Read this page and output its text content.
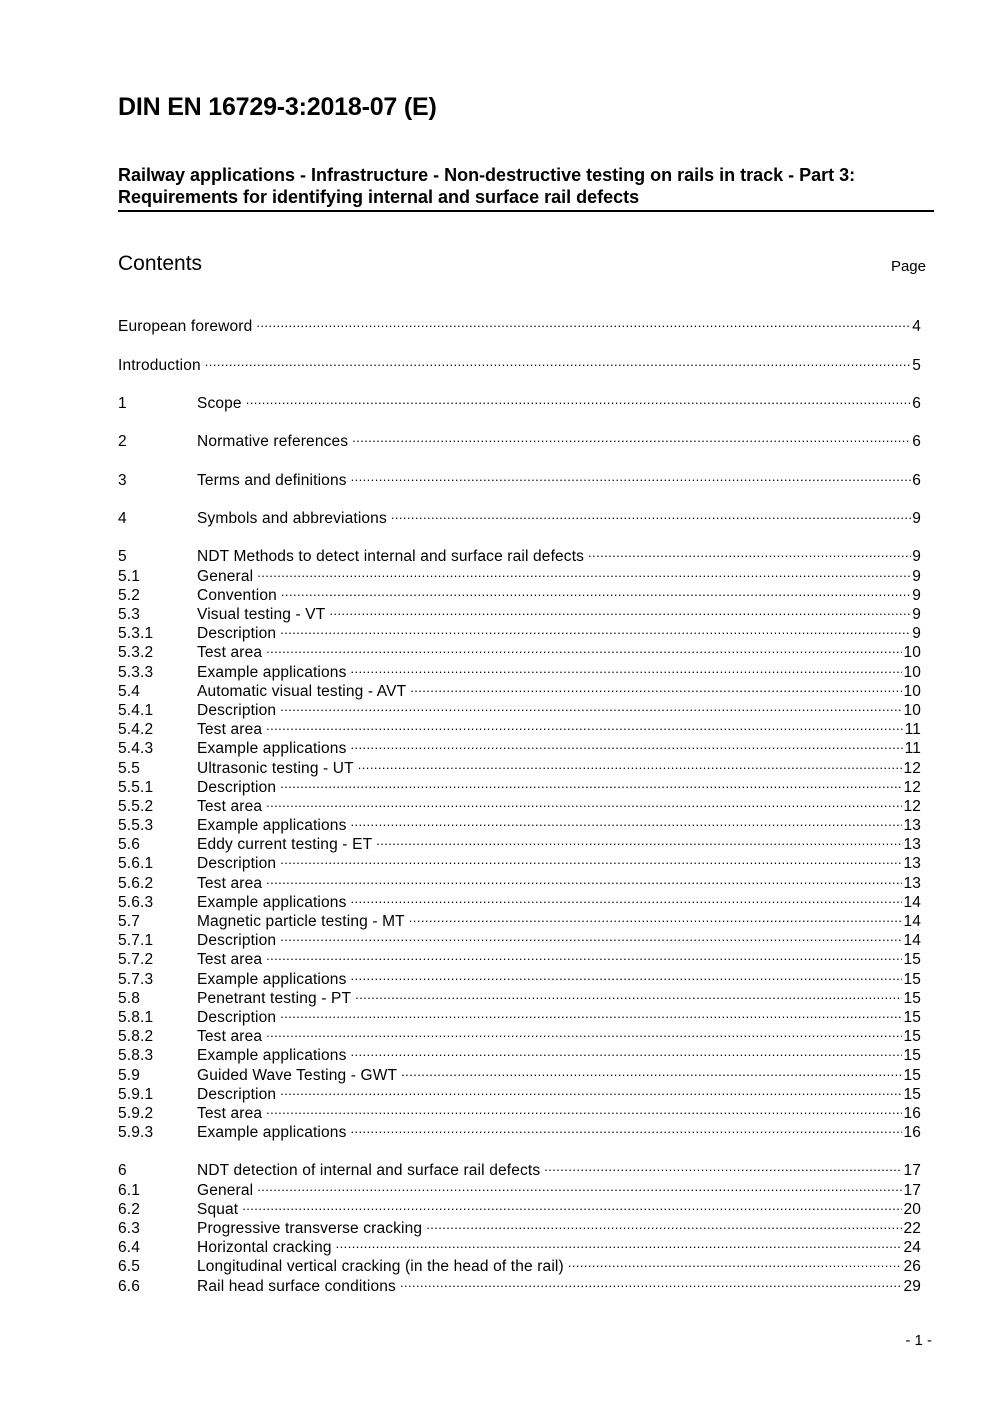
DIN EN 16729-3:2018-07 (E)
Railway applications - Infrastructure - Non-destructive testing on rails in track - Part 3: Requirements for identifying internal and surface rail defects
Contents	Page
European foreword .....	4
Introduction .....	5
1	Scope .....	6
2	Normative references .....	6
3	Terms and definitions .....	6
4	Symbols and abbreviations .....	9
5	NDT Methods to detect internal and surface rail defects .....	9
5.1	General .....	9
5.2	Convention .....	9
5.3	Visual testing - VT .....	9
5.3.1	Description .....	9
5.3.2	Test area .....	10
5.3.3	Example applications .....	10
5.4	Automatic visual testing - AVT .....	10
5.4.1	Description .....	10
5.4.2	Test area .....	11
5.4.3	Example applications .....	11
5.5	Ultrasonic testing - UT .....	12
5.5.1	Description .....	12
5.5.2	Test area .....	12
5.5.3	Example applications .....	13
5.6	Eddy current testing - ET .....	13
5.6.1	Description .....	13
5.6.2	Test area .....	13
5.6.3	Example applications .....	14
5.7	Magnetic particle testing - MT .....	14
5.7.1	Description .....	14
5.7.2	Test area .....	15
5.7.3	Example applications .....	15
5.8	Penetrant testing - PT .....	15
5.8.1	Description .....	15
5.8.2	Test area .....	15
5.8.3	Example applications .....	15
5.9	Guided Wave Testing - GWT .....	15
5.9.1	Description .....	15
5.9.2	Test area .....	16
5.9.3	Example applications .....	16
6	NDT detection of internal and surface rail defects .....	17
6.1	General .....	17
6.2	Squat .....	20
6.3	Progressive transverse cracking .....	22
6.4	Horizontal cracking .....	24
6.5	Longitudinal vertical cracking (in the head of the rail) .....	26
6.6	Rail head surface conditions .....	29
- 1 -
